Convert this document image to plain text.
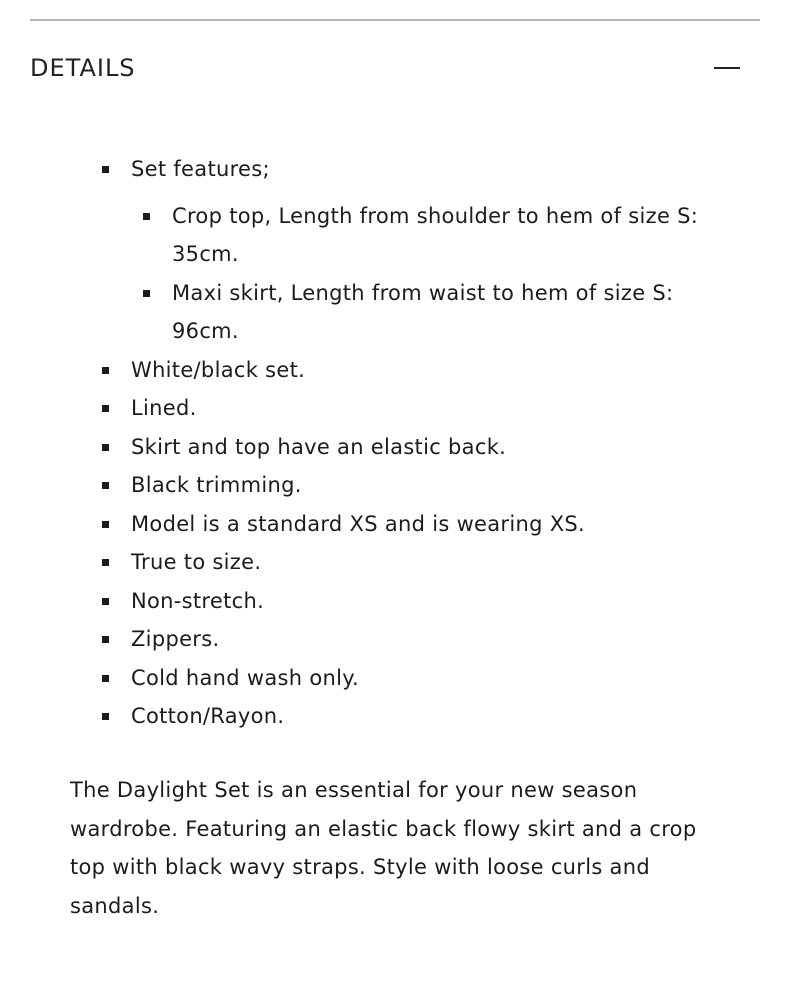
DETAILS
Set features;
Crop top, Length from shoulder to hem of size S: 35cm.
Maxi skirt, Length from waist to hem of size S: 96cm.
White/black set.
Lined.
Skirt and top have an elastic back.
Black trimming.
Model is a standard XS and is wearing XS.
True to size.
Non-stretch.
Zippers.
Cold hand wash only.
Cotton/Rayon.

The Daylight Set is an essential for your new season wardrobe. Featuring an elastic back flowy skirt and a crop top with black wavy straps. Style with loose curls and sandals.
